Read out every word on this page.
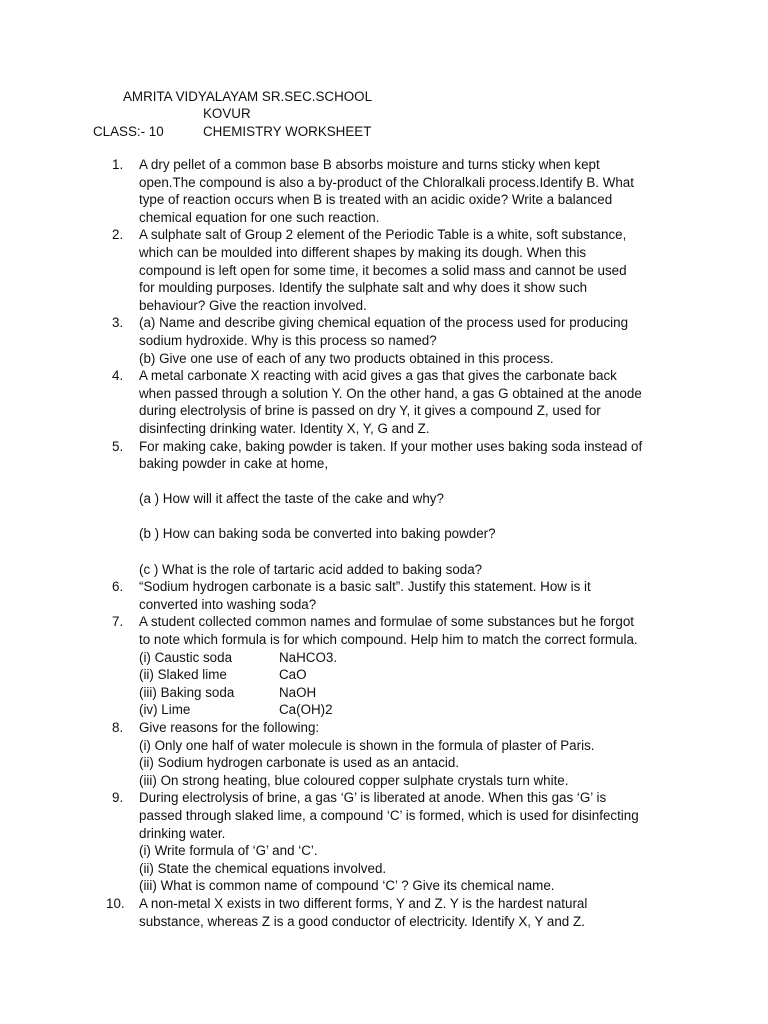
AMRITA VIDYALAYAM SR.SEC.SCHOOL
KOVUR
CLASS:- 10	CHEMISTRY WORKSHEET
1.	A dry pellet of a common base B absorbs moisture and turns sticky when kept
open.The compound is also a by-product of the Chloralkali process.Identify B. What
type of reaction occurs when B is treated with an acidic oxide? Write a balanced
chemical equation for one such reaction.
2.	A sulphate salt of Group 2 element of the Periodic Table is a white, soft substance,
which can be moulded into different shapes by making its dough. When this
compound is left open for some time, it becomes a solid mass and cannot be used
for moulding purposes. Identify the sulphate salt and why does it show such
behaviour? Give the reaction involved.
3.	(a) Name and describe giving chemical equation of the process used for producing
sodium hydroxide. Why is this process so named?
(b) Give one use of each of any two products obtained in this process.
4.	A metal carbonate X reacting with acid gives a gas that gives the carbonate back
when passed through a solution Y. On the other hand, a gas G obtained at the anode
during electrolysis of brine is passed on dry Y, it gives a compound Z, used for
disinfecting drinking water. Identity X, Y, G and Z.
5.	For making cake, baking powder is taken. If your mother uses baking soda instead of
baking powder in cake at home,
(a ) How will it affect the taste of the cake and why?
(b ) How can baking soda be converted into baking powder?
(c ) What is the role of tartaric acid added to baking soda?
6.	“Sodium hydrogen carbonate is a basic salt”. Justify this statement. How is it
converted into washing soda?
7.	A student collected common names and formulae of some substances but he forgot
to note which formula is for which compound. Help him to match the correct formula.
(i) Caustic soda	NaHCO3.
(ii) Slaked lime	CaO
(iii) Baking soda	NaOH
(iv) Lime	Ca(OH)2
8.	Give reasons for the following:
(i) Only one half of water molecule is shown in the formula of plaster of Paris.
(ii) Sodium hydrogen carbonate is used as an antacid.
(iii) On strong heating, blue coloured copper sulphate crystals turn white.
9.	During electrolysis of brine, a gas ‘G’ is liberated at anode. When this gas ‘G’ is
passed through slaked lime, a compound ‘C’ is formed, which is used for disinfecting
drinking water.
(i) Write formula of ‘G’ and ‘C’.
(ii) State the chemical equations involved.
(iii) What is common name of compound ‘C’ ? Give its chemical name.
10. A non-metal X exists in two different forms, Y and Z. Y is the hardest natural
substance, whereas Z is a good conductor of electricity. Identify X, Y and Z.
